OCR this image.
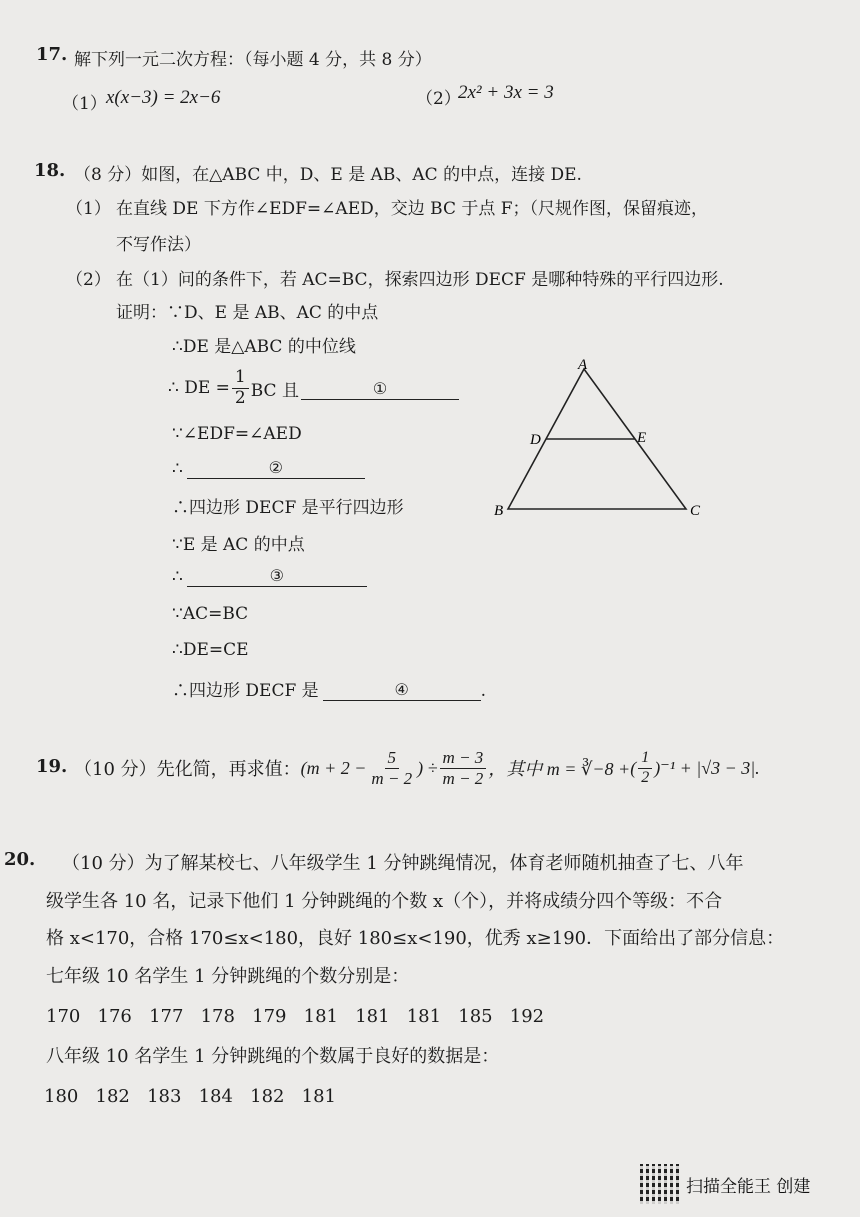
17. 解下列一元二次方程：（每小题 4 分，共 8 分）
（1） x(x−3) = 2x−6	（2）
2x² + 3x = 3
18. （8 分）如图，在△ABC 中，D、E 是 AB、AC 的中点，连接 DE.
（1） 在直线 DE 下方作∠EDF=∠AED，交边 BC 于点 F；（尺规作图，保留痕迹，
不写作法）
（2） 在（1）问的条件下，若 AC=BC，探索四边形 DECF 是哪种特殊的平行四边形.
证明：∵D、E 是 AB、AC 的中点
∴DE 是△ABC 的中位线
∴ DE = $\frac{1}{2}$ BC 且	①
∵∠EDF=∠AED
∴	②
∴四边形 DECF 是平行四边形
∵E 是 AC 的中点
∴	③
∵AC=BC
∴DE=CE
∴四边形 DECF 是	④	.
A
D	E
B	C
19. （10 分）先化简，再求值： ($m + 2 - \frac{5}{m - 2}$ ) ÷ $\frac{m - 3}{m - 2}$ ，其中 m = ∛−8 + ( $\frac{1}{2}$ ) ⁻¹ + |√3 − 3|.
20. （10 分）为了解某校七、八年级学生 1 分钟跳绳情况，体育老师随机抽查了七、八年
级学生各 10 名，记录下他们 1 分钟跳绳的个数 x（个），并将成绩分四个等级：不合
格 x<170，合格 170≤x<180，良好 180≤x<190，优秀 x≥190．下面给出了部分信息：
七年级 10 名学生 1 分钟跳绳的个数分别是：
170 176 177 178 179 181 181 181 185 192
八年级 10 名学生 1 分钟跳绳的个数属于良好的数据是：
180 182 183 184 182 181
扫描全能王 创建
